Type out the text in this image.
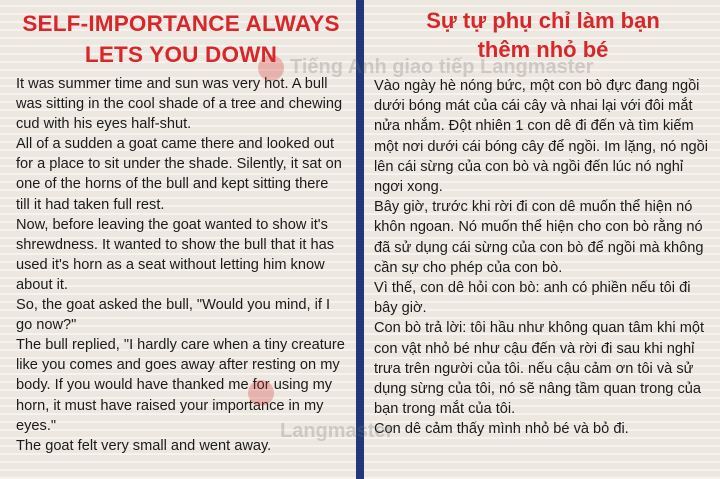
SELF-IMPORTANCE ALWAYS
LETS YOU DOWN

It was summer time and sun was very hot. A bull was sitting in the cool shade of a tree and chewing cud with his eyes half-shut.

All of a sudden a goat came there and looked out for a place to sit under the shade. Silently, it sat on one of the horns of the bull and kept sitting there till it had taken full rest.

Now, before leaving the goat wanted to show it's shrewdness. It wanted to show the bull that it has used it's horn as a seat without letting him know about it.

So, the goat asked the bull, "Would you mind, if I go now?"

The bull replied, "I hardly care when a tiny creature like you comes and goes away after resting on my body. If you would have thanked me for using my horn, it must have raised your importance in my eyes."

The goat felt very small and went away.

Sự tự phụ chỉ làm bạn
thêm nhỏ bé

Vào ngày hè nóng bức, một con bò đực đang ngồi dưới bóng mát của cái cây và nhai lại với đôi mắt nửa nhắm. Đột nhiên 1 con dê đi đến và tìm kiếm một nơi dưới cái bóng cây để ngồi. Im lặng, nó ngồi lên cái sừng của con bò và ngồi đến lúc nó nghỉ ngơi xong.

Bây giờ, trước khi rời đi con dê muốn thể hiện nó khôn ngoan. Nó muốn thể hiện cho con bò rằng nó đã sử dụng cái sừng của con bò để ngồi mà không cần sự cho phép của con bò.

Vì thế, con dê hỏi con bò: anh có phiền nếu tôi đi bây giờ.

Con bò trả lời: tôi hầu như không quan tâm khi một con vật nhỏ bé như cậu đến và rời đi sau khi nghỉ trưa trên người của tôi. nếu cậu cảm ơn tôi và sử dụng sừng của tôi, nó sẽ nâng tầm quan trong của bạn trong mắt của tôi.

Con dê cảm thấy mình nhỏ bé và bỏ đi.

Tiếng Anh giao tiếp Langmaster
Langmaster
